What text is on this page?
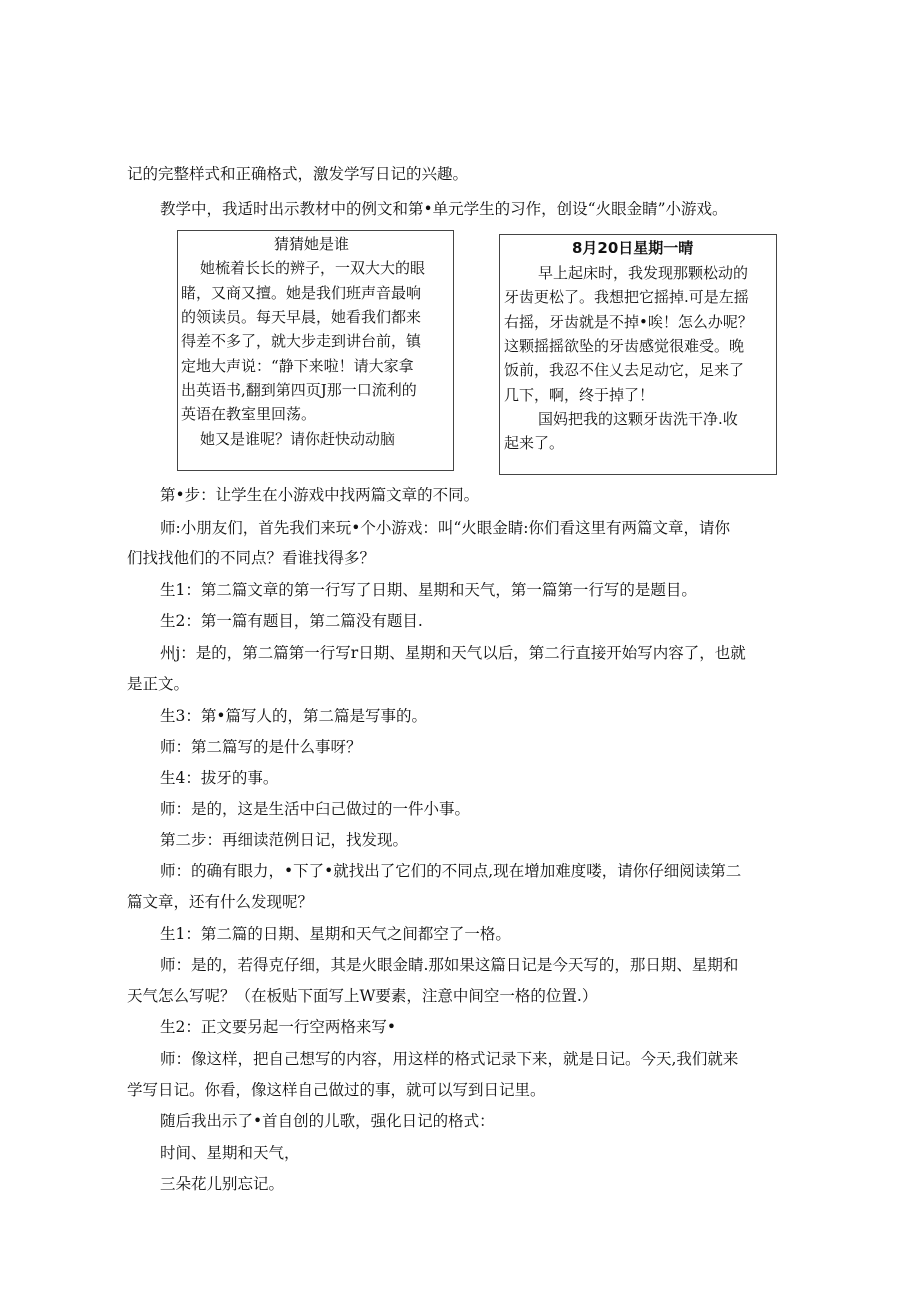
记的完整样式和正确格式，激发学写日记的兴趣。
教学中，我适时出示教材中的例文和第•单元学生的习作，创设“火眼金睛”小游戏。
猜猜她是谁
她梳着长长的辨子，一双大大的眼
睹，又商又擅。她是我们班声音最响
的领读员。每天早晨，她看我们都来
得差不多了，就大步走到讲台前，镇
定地大声说：“静下来啦！请大家拿
出英语书,翻到第四页J那一口流利的
英语在教室里回荡。
她又是谁呢？请你赶快动动脑
8月20日星期一晴
早上起床时，我发现那颗松动的
牙齿更松了。我想把它摇掉.可是左摇
右摇，牙齿就是不掉•唉！怎么办呢？
这颗摇摇欲坠的牙齿感觉很难受。晚
饭前，我忍不住乂去足动它，足来了
几下，啊，终于掉了！
国妈把我的这颗牙齿洗干净.收
起来了。
第•步：让学生在小游戏中找两篇文章的不同。
师:小朋友们，首先我们来玩•个小游戏：叫“火眼金睛:你们看这里有两篇文章，请你
们找找他们的不同点？看谁找得多？
生1：第二篇文章的第一行写了日期、星期和天气，第一篇第一行写的是题目。
生2：第一篇有题目，第二篇没有题目.
州j：是的，第二篇第一行写r日期、星期和天气以后，第二行直接开始写内容了，也就
是正文。
生3：第•篇写人的，第二篇是写事的。
师：第二篇写的是什么事呀？
生4：拔牙的事。
师：是的，这是生活中臼己做过的一件小事。
第二步：再细读范例日记，找发现。
师：的确有眼力，•下了•就找出了它们的不同点,现在增加难度喽，请你仔细阅读第二
篇文章，还有什么发现呢？
生1：第二篇的日期、星期和天气之间都空了一格。
师：是的，若得克仔细，其是火眼金睛.那如果这篇日记是今天写的，那日期、星期和
天气怎么写呢？（在板贴下面写上W要素，注意中间空一格的位置.）
生2：正文要另起一行空两格来写•
师：像这样，把自己想写的内容，用这样的格式记录下来，就是日记。今天,我们就来
学写日记。你看，像这样自己做过的事，就可以写到日记里。
随后我出示了•首自创的儿歌，强化日记的格式：
时间、星期和天气，
三朵花儿别忘记。
